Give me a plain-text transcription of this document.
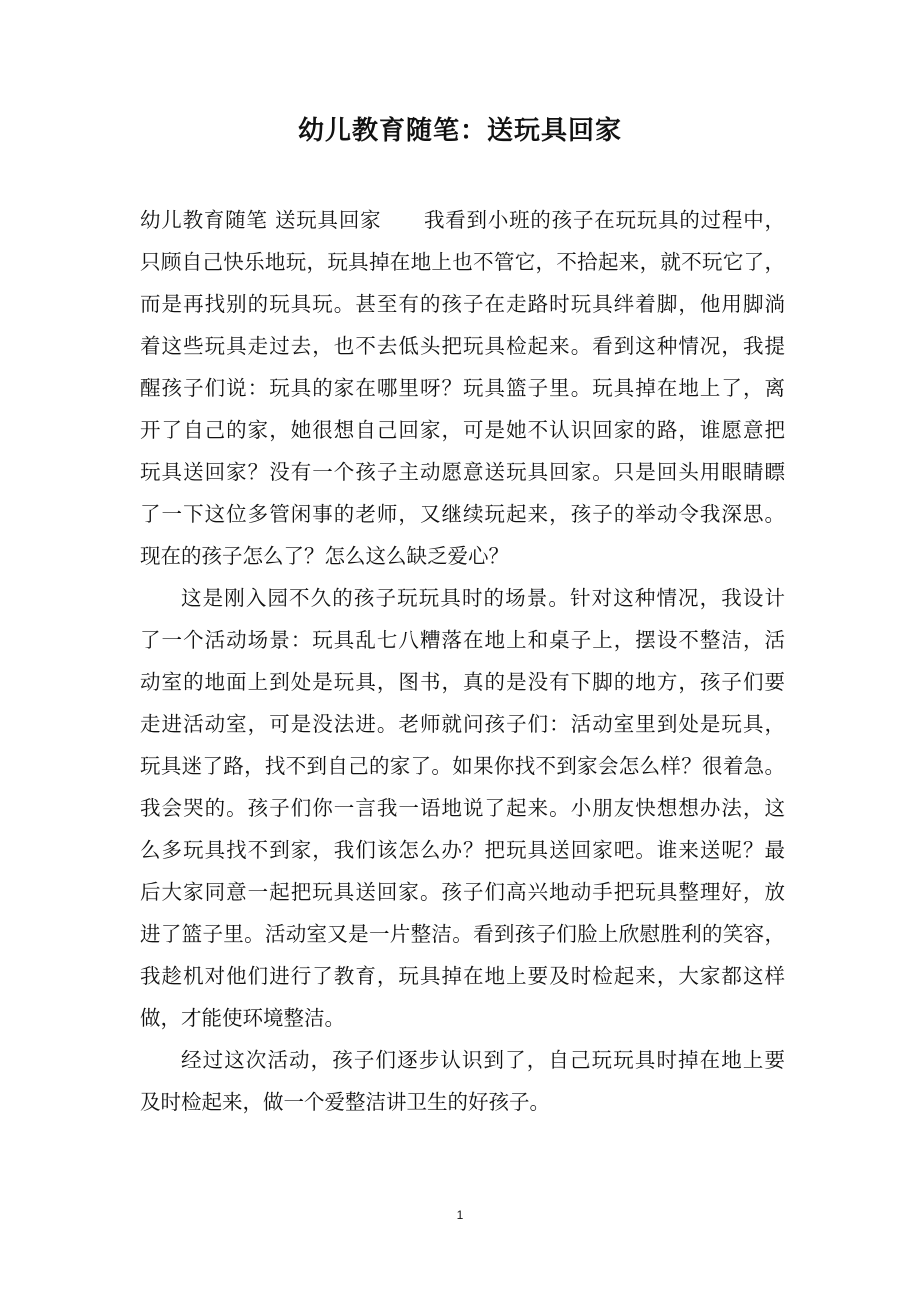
幼儿教育随笔：送玩具回家
幼儿教育随笔 送玩具回家　　我看到小班的孩子在玩玩具的过程中，
只顾自己快乐地玩，玩具掉在地上也不管它，不拾起来，就不玩它了，
而是再找别的玩具玩。甚至有的孩子在走路时玩具绊着脚，他用脚淌
着这些玩具走过去，也不去低头把玩具检起来。看到这种情况，我提
醒孩子们说：玩具的家在哪里呀？玩具篮子里。玩具掉在地上了，离
开了自己的家，她很想自己回家，可是她不认识回家的路，谁愿意把
玩具送回家？没有一个孩子主动愿意送玩具回家。只是回头用眼睛瞟
了一下这位多管闲事的老师，又继续玩起来，孩子的举动令我深思。
现在的孩子怎么了？怎么这么缺乏爱心？
这是刚入园不久的孩子玩玩具时的场景。针对这种情况，我设计
了一个活动场景：玩具乱七八糟落在地上和桌子上，摆设不整洁，活
动室的地面上到处是玩具，图书，真的是没有下脚的地方，孩子们要
走进活动室，可是没法进。老师就问孩子们：活动室里到处是玩具，
玩具迷了路，找不到自己的家了。如果你找不到家会怎么样？很着急。
我会哭的。孩子们你一言我一语地说了起来。小朋友快想想办法，这
么多玩具找不到家，我们该怎么办？把玩具送回家吧。谁来送呢？最
后大家同意一起把玩具送回家。孩子们高兴地动手把玩具整理好，放
进了篮子里。活动室又是一片整洁。看到孩子们脸上欣慰胜利的笑容，
我趁机对他们进行了教育，玩具掉在地上要及时检起来，大家都这样
做，才能使环境整洁。
经过这次活动，孩子们逐步认识到了，自己玩玩具时掉在地上要
及时检起来，做一个爱整洁讲卫生的好孩子。
1
